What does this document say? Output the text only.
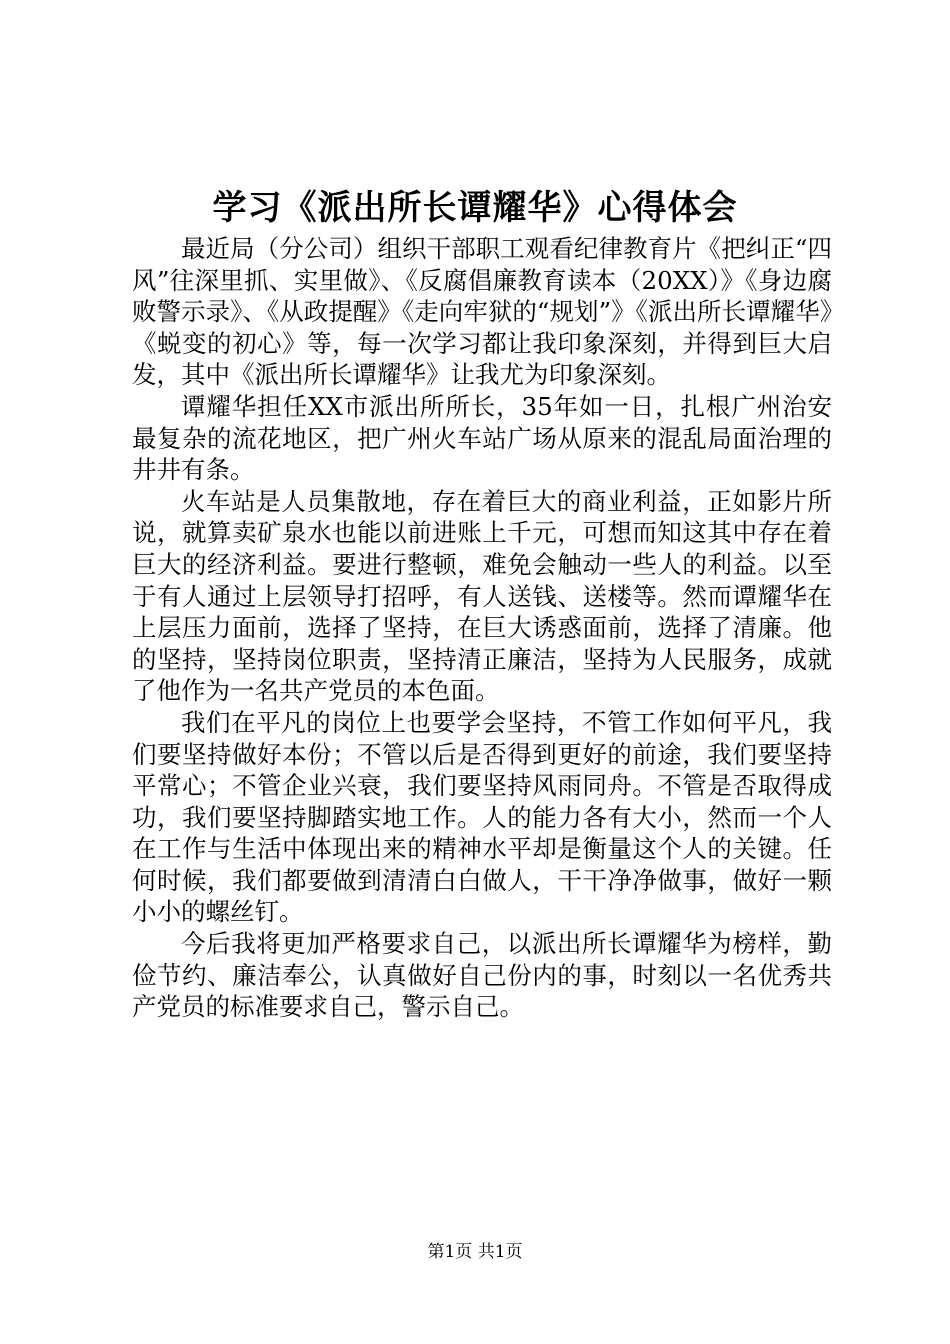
学习《派出所长谭耀华》心得体会

最近局（分公司）组织干部职工观看纪律教育片《把纠正“四风”往深里抓、实里做》、《反腐倡廉教育读本（20XX）》《身边腐败警示录》、《从政提醒》《走向牢狱的“规划”》《派出所长谭耀华》《蜕变的初心》等，每一次学习都让我印象深刻，并得到巨大启发，其中《派出所长谭耀华》让我尤为印象深刻。

谭耀华担任XX市派出所所长，35年如一日，扎根广州治安最复杂的流花地区，把广州火车站广场从原来的混乱局面治理的井井有条。

火车站是人员集散地，存在着巨大的商业利益，正如影片所说，就算卖矿泉水也能以前进账上千元，可想而知这其中存在着巨大的经济利益。要进行整顿，难免会触动一些人的利益。以至于有人通过上层领导打招呼，有人送钱、送楼等。然而谭耀华在上层压力面前，选择了坚持，在巨大诱惑面前，选择了清廉。他的坚持，坚持岗位职责，坚持清正廉洁，坚持为人民服务，成就了他作为一名共产党员的本色面。

我们在平凡的岗位上也要学会坚持，不管工作如何平凡，我们要坚持做好本份；不管以后是否得到更好的前途，我们要坚持平常心；不管企业兴衰，我们要坚持风雨同舟。不管是否取得成功，我们要坚持脚踏实地工作。人的能力各有大小，然而一个人在工作与生活中体现出来的精神水平却是衡量这个人的关键。任何时候，我们都要做到清清白白做人，干干净净做事，做好一颗小小的螺丝钉。

今后我将更加严格要求自己，以派出所长谭耀华为榜样，勤俭节约、廉洁奉公，认真做好自己份内的事，时刻以一名优秀共产党员的标准要求自己，警示自己。

第1页 共1页
